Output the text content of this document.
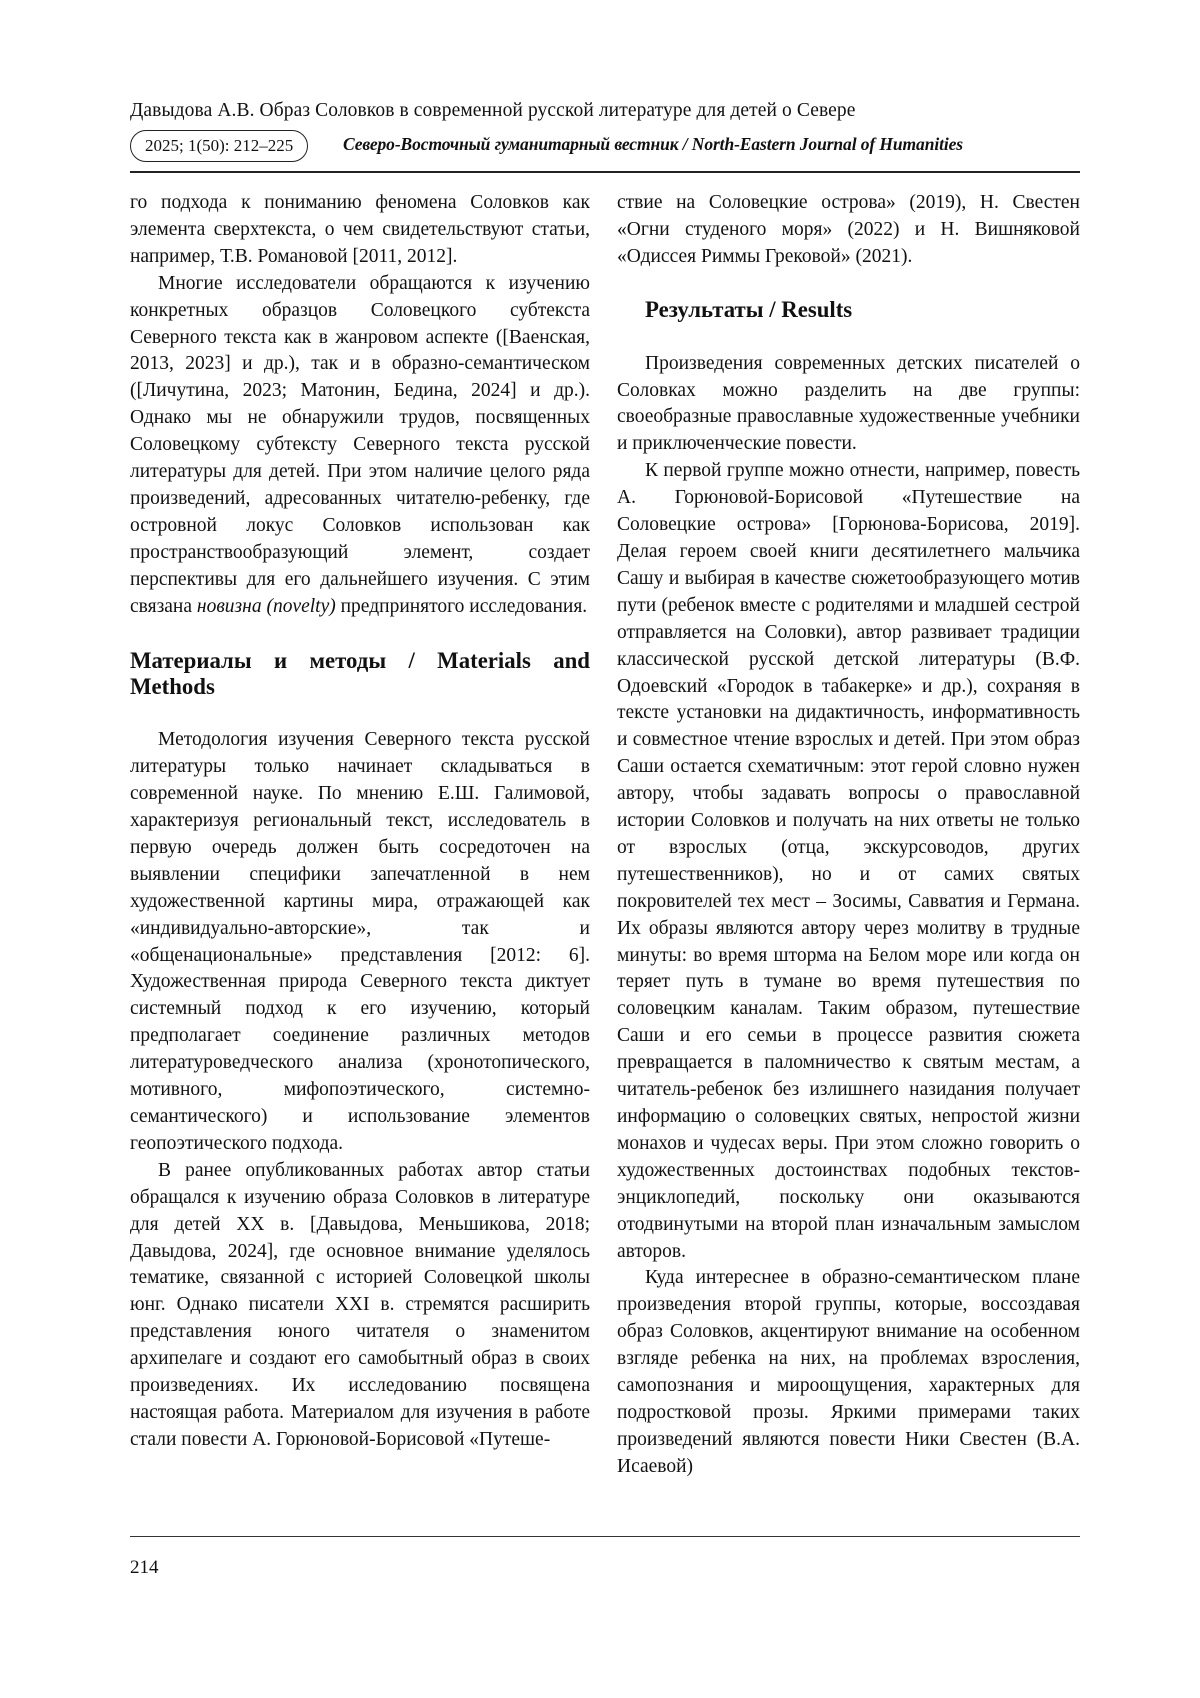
Давыдова А.В. Образ Соловков в современной русской литературе для детей о Севере
2025; 1(50): 212–225	Северо-Восточный гуманитарный вестник / North-Eastern Journal of Humanities

го подхода к пониманию феномена Соловков как элемента сверхтекста, о чем свидетельствуют статьи, например, Т.В. Романовой [2011, 2012].

Многие исследователи обращаются к изучению конкретных образцов Соловецкого субтекста Северного текста как в жанровом аспекте ([Ваенская, 2013, 2023] и др.), так и в образно-семантическом ([Личутина, 2023; Матонин, Бедина, 2024] и др.). Однако мы не обнаружили трудов, посвященных Соловецкому субтексту Северного текста русской литературы для детей. При этом наличие целого ряда произведений, адресованных читателю-ребенку, где островной локус Соловков использован как пространствообразующий элемент, создает перспективы для его дальнейшего изучения. С этим связана новизна (novelty) предпринятого исследования.

Материалы и методы / Materials and Methods

Методология изучения Северного текста русской литературы только начинает складываться в современной науке. По мнению Е.Ш. Галимовой, характеризуя региональный текст, исследователь в первую очередь должен быть сосредоточен на выявлении специфики запечатленной в нем художественной картины мира, отражающей как «индивидуально-авторские», так и «общенациональные» представления [2012: 6]. Художественная природа Северного текста диктует системный подход к его изучению, который предполагает соединение различных методов литературоведческого анализа (хронотопического, мотивного, мифопоэтического, системно-семантического) и использование элементов геопоэтического подхода.

В ранее опубликованных работах автор статьи обращался к изучению образа Соловков в литературе для детей XX в. [Давыдова, Меньшикова, 2018; Давыдова, 2024], где основное внимание уделялось тематике, связанной с историей Соловецкой школы юнг. Однако писатели XXI в. стремятся расширить представления юного читателя о знаменитом архипелаге и создают его самобытный образ в своих произведениях. Их исследованию посвящена настоящая работа. Материалом для изучения в работе стали повести А. Горюновой-Борисовой «Путеше-

ствие на Соловецкие острова» (2019), Н. Свестен «Огни студеного моря» (2022) и Н. Вишняковой «Одиссея Риммы Грековой» (2021).

Результаты / Results

Произведения современных детских писателей о Соловках можно разделить на две группы: своеобразные православные художественные учебники и приключенческие повести.

К первой группе можно отнести, например, повесть А. Горюновой-Борисовой «Путешествие на Соловецкие острова» [Горюнова-Борисова, 2019]. Делая героем своей книги десятилетнего мальчика Сашу и выбирая в качестве сюжетообразующего мотив пути (ребенок вместе с родителями и младшей сестрой отправляется на Соловки), автор развивает традиции классической русской детской литературы (В.Ф. Одоевский «Городок в табакерке» и др.), сохраняя в тексте установки на дидактичность, информативность и совместное чтение взрослых и детей. При этом образ Саши остается схематичным: этот герой словно нужен автору, чтобы задавать вопросы о православной истории Соловков и получать на них ответы не только от взрослых (отца, экскурсоводов, других путешественников), но и от самих святых покровителей тех мест – Зосимы, Савватия и Германа. Их образы являются автору через молитву в трудные минуты: во время шторма на Белом море или когда он теряет путь в тумане во время путешествия по соловецким каналам. Таким образом, путешествие Саши и его семьи в процессе развития сюжета превращается в паломничество к святым местам, а читатель-ребенок без излишнего назидания получает информацию о соловецких святых, непростой жизни монахов и чудесах веры. При этом сложно говорить о художественных достоинствах подобных текстов-энциклопедий, поскольку они оказываются отодвинутыми на второй план изначальным замыслом авторов.

Куда интереснее в образно-семантическом плане произведения второй группы, которые, воссоздавая образ Соловков, акцентируют внимание на особенном взгляде ребенка на них, на проблемах взросления, самопознания и мироощущения, характерных для подростковой прозы. Яркими примерами таких произведений являются повести Ники Свестен (В.А. Исаевой)

214
